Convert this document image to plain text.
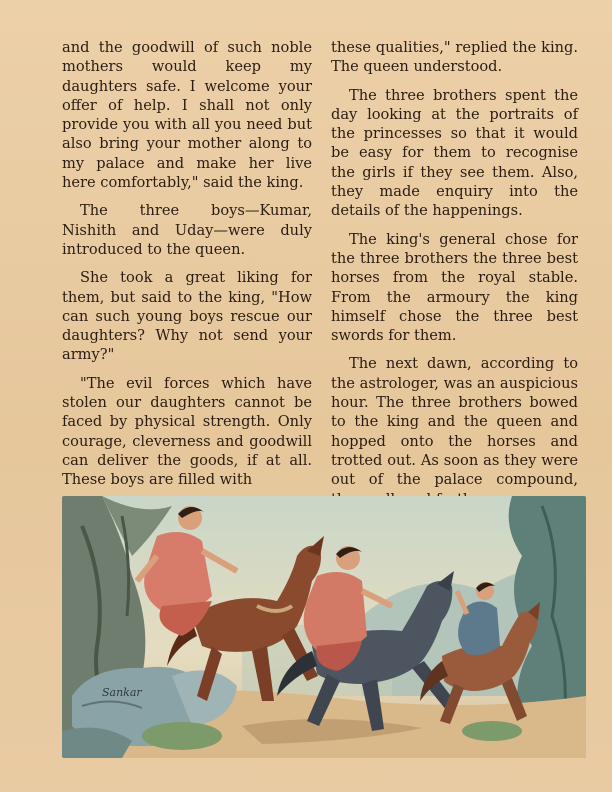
and the goodwill of such noble mothers would keep my daughters safe. I welcome your offer of help. I shall not only provide you with all you need but also bring your mother along to my palace and make her live here comfortably," said the king.

The three boys—Kumar, Nishith and Uday—were duly introduced to the queen.

She took a great liking for them, but said to the king, "How can such young boys rescue our daughters? Why not send your army?"

"The evil forces which have stolen our daughters cannot be faced by physical strength. Only courage, cleverness and goodwill can deliver the goods, if at all. These boys are filled with

these qualities," replied the king. The queen understood.

The three brothers spent the day looking at the portraits of the princesses so that it would be easy for them to recognise the girls if they see them. Also, they made enquiry into the details of the happenings.

The king's general chose for the three brothers the three best horses from the royal stable. From the armoury the king himself chose the three best swords for them.

The next dawn, according to the astrologer, was an auspicious hour. The three brothers bowed to the king and the queen and hopped onto the horses and trotted out. As soon as they were out of the palace compound,

Sankar
